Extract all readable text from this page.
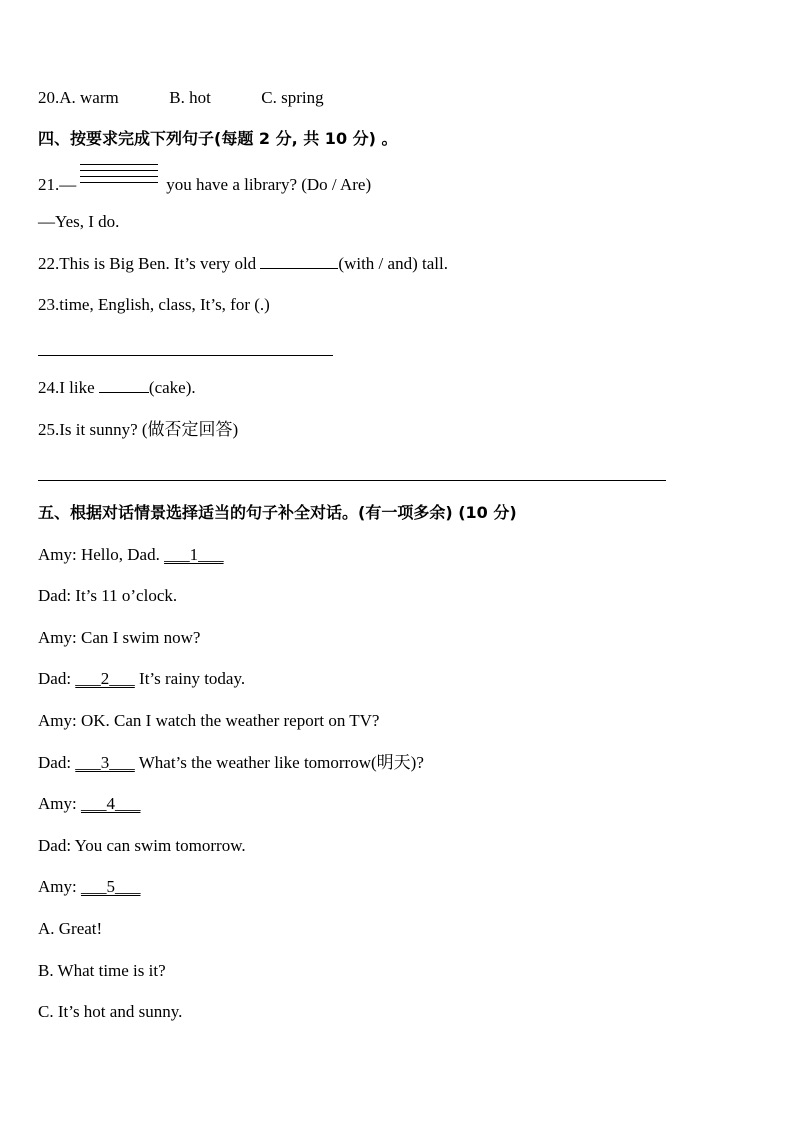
20.A. warm	B. hot	C. spring
四、按要求完成下列句子(每题 2 分, 共 10 分) 。
21.—	you have a library? (Do / Are)
—Yes, I do.
22.This is Big Ben. It’s very old	(with / and) tall.
23.time, English, class, It’s, for (.)
24.I like	(cake).
25.Is it sunny? (做否定回答)
五、根据对话情景选择适当的句子补全对话。(有一项多余) (10 分)
Amy: Hello, Dad. ___1___
Dad: It’s 11 o’clock.
Amy: Can I swim now?
Dad: ___2___ It’s rainy today.
Amy: OK. Can I watch the weather report on TV?
Dad: ___3___ What’s the weather like tomorrow(明天)?
Amy: ___4___
Dad: You can swim tomorrow.
Amy: ___5___
A. Great!
B. What time is it?
C. It’s hot and sunny.
